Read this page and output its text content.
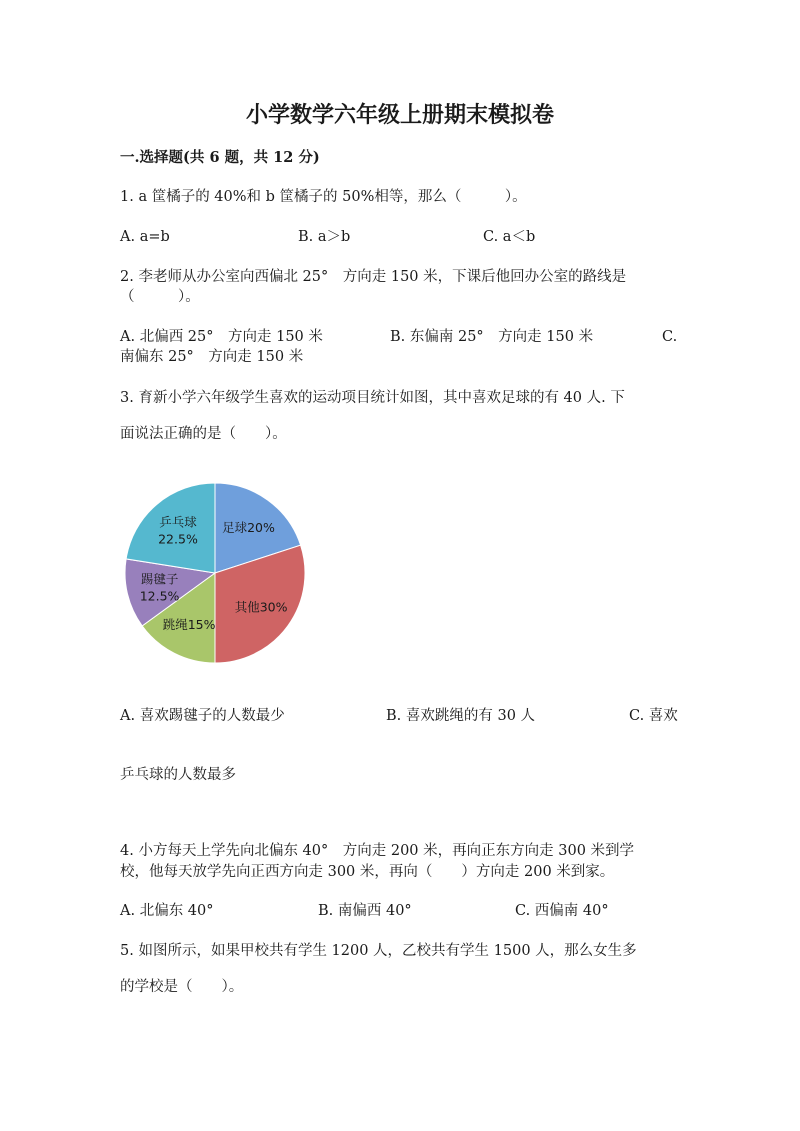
小学数学六年级上册期末模拟卷
一.选择题(共 6 题，共 12 分)
1. a 筐橘子的 40%和 b 筐橘子的 50%相等，那么（　　　）。
A. a=b	B. a＞b	C. a＜b
2. 李老师从办公室向西偏北 25°　方向走 150 米，下课后他回办公室的路线是
（　　　）。
A. 北偏西 25°　方向走 150 米	B. 东偏南 25°　方向走 150 米	C.
南偏东 25°　方向走 150 米
3. 育新小学六年级学生喜欢的运动项目统计如图，其中喜欢足球的有 40 人. 下
面说法正确的是（　　）。
足球20%
其他30%
跳绳15%
踢毽子 12.5%
乒乓球 22.5%
A. 喜欢踢毽子的人数最少	B. 喜欢跳绳的有 30 人	C. 喜欢
乒乓球的人数最多
4. 小方每天上学先向北偏东 40°　方向走 200 米，再向正东方向走 300 米到学
校，他每天放学先向正西方向走 300 米，再向（　　）方向走 200 米到家。
A. 北偏东 40°	B. 南偏西 40°	C. 西偏南 40°
5. 如图所示，如果甲校共有学生 1200 人，乙校共有学生 1500 人，那么女生多
的学校是（　　）。
